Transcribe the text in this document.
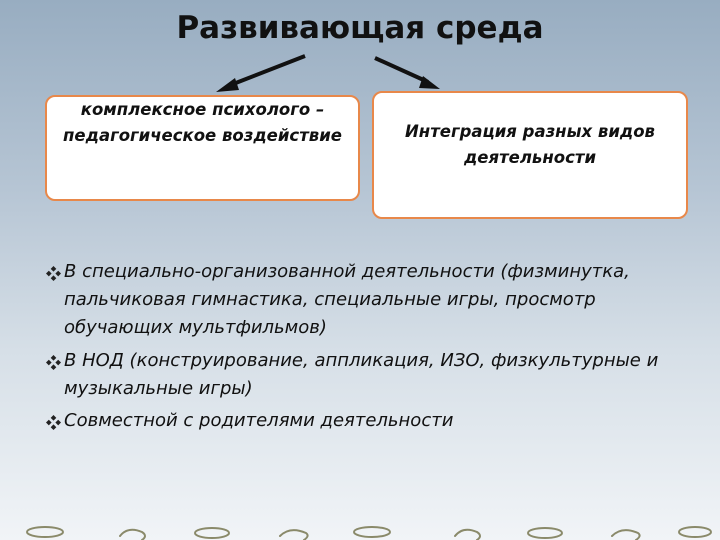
Развивающая среда
комплексное психолого – педагогическое воздействие	Интеграция разных видов деятельности
В специально-организованной деятельности (физминутка, пальчиковая гимнастика, специальные игры, просмотр обучающих мультфильмов)
В НОД (конструирование, аппликация, ИЗО, физкультурные и музыкальные игры)
Совместной с родителями деятельности
